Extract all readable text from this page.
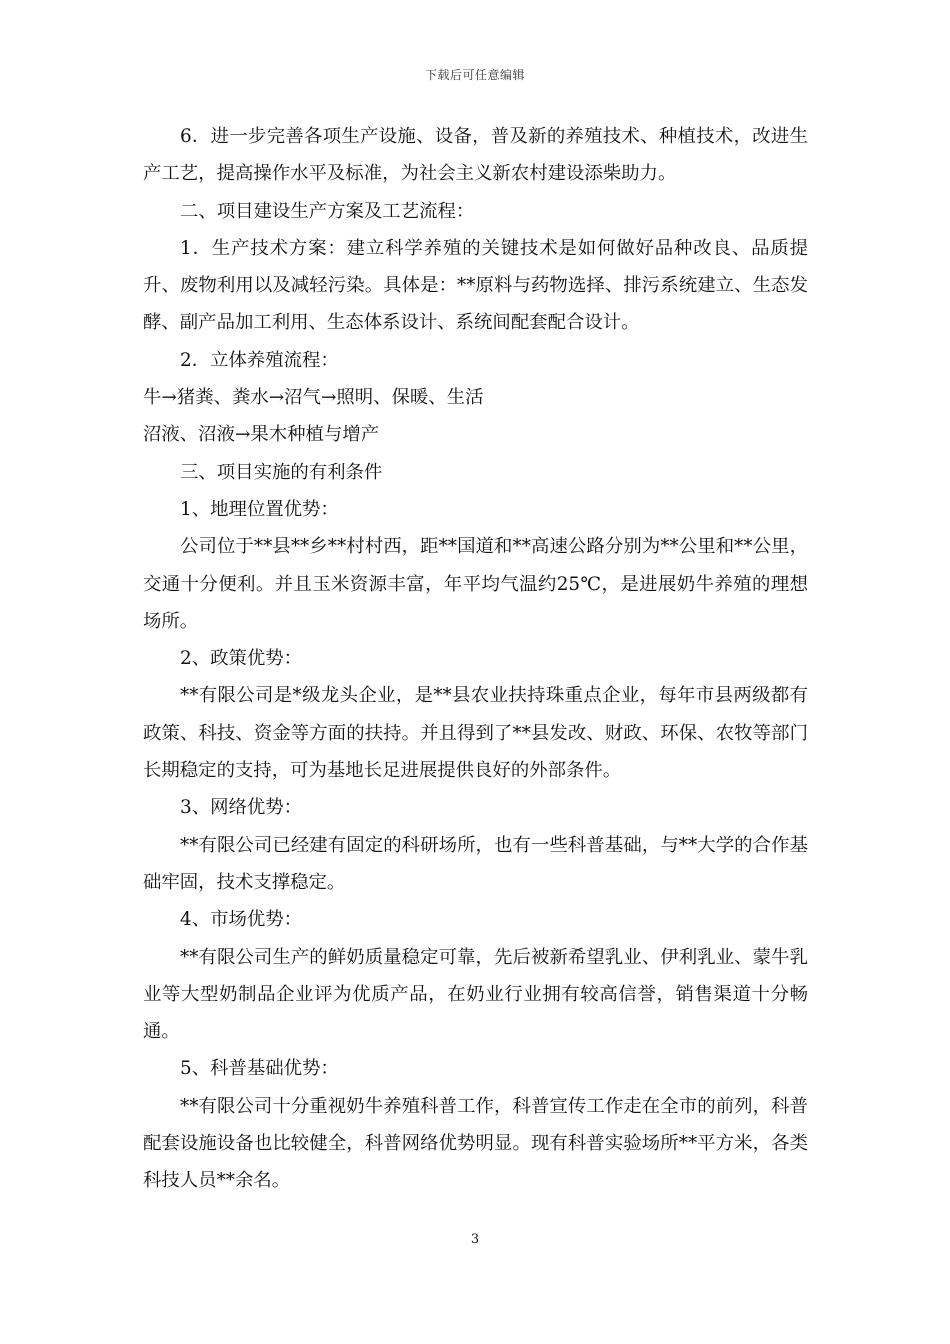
下载后可任意编辑

6．进一步完善各项生产设施、设备，普及新的养殖技术、种植技术，改进生产工艺，提高操作水平及标准，为社会主义新农村建设添柴助力。

二、项目建设生产方案及工艺流程：

1．生产技术方案：建立科学养殖的关键技术是如何做好品种改良、品质提升、废物利用以及减轻污染。具体是：**原料与药物选择、排污系统建立、生态发酵、副产品加工利用、生态体系设计、系统间配套配合设计。

2．立体养殖流程：

牛→猪粪、粪水→沼气→照明、保暖、生活

沼液、沼液→果木种植与增产

三、项目实施的有利条件

1、地理位置优势：

公司位于**县**乡**村村西，距**国道和**高速公路分别为**公里和**公里，交通十分便利。并且玉米资源丰富，年平均气温约25℃，是进展奶牛养殖的理想场所。

2、政策优势：

**有限公司是*级龙头企业，是**县农业扶持珠重点企业，每年市县两级都有政策、科技、资金等方面的扶持。并且得到了**县发改、财政、环保、农牧等部门长期稳定的支持，可为基地长足进展提供良好的外部条件。

3、网络优势：

**有限公司已经建有固定的科研场所，也有一些科普基础，与**大学的合作基础牢固，技术支撑稳定。

4、市场优势：

**有限公司生产的鲜奶质量稳定可靠，先后被新希望乳业、伊利乳业、蒙牛乳业等大型奶制品企业评为优质产品，在奶业行业拥有较高信誉，销售渠道十分畅通。

5、科普基础优势：

**有限公司十分重视奶牛养殖科普工作，科普宣传工作走在全市的前列，科普配套设施设备也比较健全，科普网络优势明显。现有科普实验场所**平方米，各类科技人员**余名。

3
